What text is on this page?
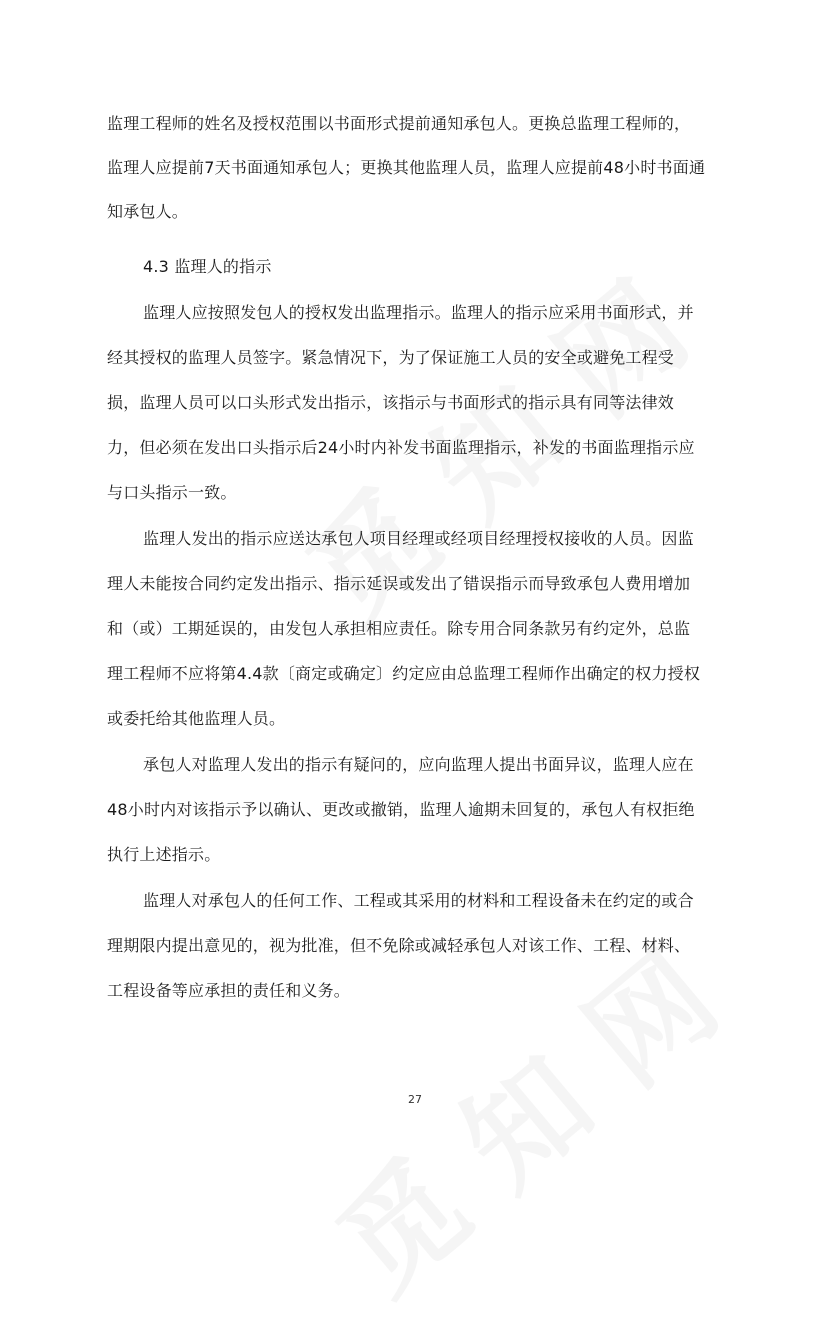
监理工程师的姓名及授权范围以书面形式提前通知承包人。更换总监理工程师的，
监理人应提前7天书面通知承包人；更换其他监理人员，监理人应提前48小时书面通
知承包人。
4.3 监理人的指示
监理人应按照发包人的授权发出监理指示。监理人的指示应采用书面形式，并
经其授权的监理人员签字。紧急情况下，为了保证施工人员的安全或避免工程受
损，监理人员可以口头形式发出指示，该指示与书面形式的指示具有同等法律效
力，但必须在发出口头指示后24小时内补发书面监理指示，补发的书面监理指示应
与口头指示一致。
监理人发出的指示应送达承包人项目经理或经项目经理授权接收的人员。因监
理人未能按合同约定发出指示、指示延误或发出了错误指示而导致承包人费用增加
和（或）工期延误的，由发包人承担相应责任。除专用合同条款另有约定外，总监
理工程师不应将第4.4款〔商定或确定〕约定应由总监理工程师作出确定的权力授权
或委托给其他监理人员。
承包人对监理人发出的指示有疑问的，应向监理人提出书面异议，监理人应在
48小时内对该指示予以确认、更改或撤销，监理人逾期未回复的，承包人有权拒绝
执行上述指示。
监理人对承包人的任何工作、工程或其采用的材料和工程设备未在约定的或合
理期限内提出意见的，视为批准，但不免除或减轻承包人对该工作、工程、材料、
工程设备等应承担的责任和义务。
27
